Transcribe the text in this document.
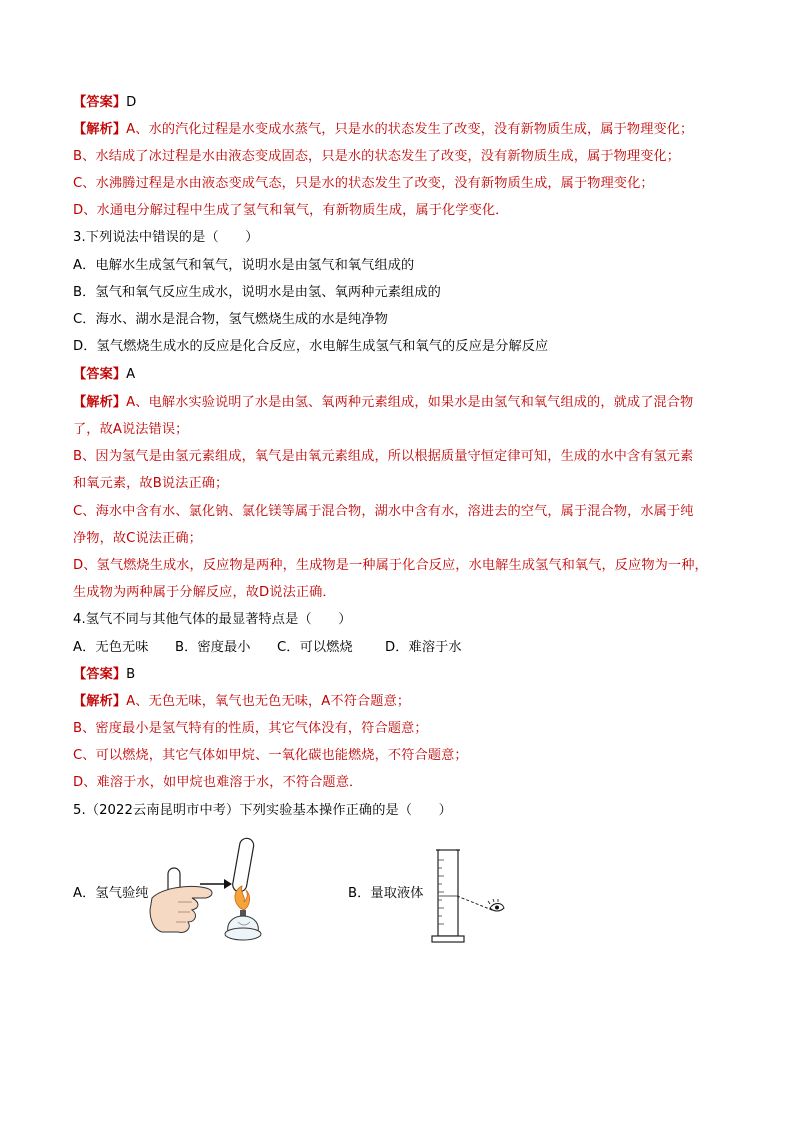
【答案】D
【解析】A、水的汽化过程是水变成水蒸气，只是水的状态发生了改变，没有新物质生成，属于物理变化；
B、水结成了冰过程是水由液态变成固态，只是水的状态发生了改变，没有新物质生成，属于物理变化；
C、水沸腾过程是水由液态变成气态，只是水的状态发生了改变，没有新物质生成，属于物理变化；
D、水通电分解过程中生成了氢气和氧气，有新物质生成，属于化学变化．
3.下列说法中错误的是（　　）
A．电解水生成氢气和氧气，说明水是由氢气和氧气组成的
B．氢气和氧气反应生成水，说明水是由氢、氧两种元素组成的
C．海水、湖水是混合物，氢气燃烧生成的水是纯净物
D．氢气燃烧生成水的反应是化合反应，水电解生成氢气和氧气的反应是分解反应
【答案】A
【解析】A、电解水实验说明了水是由氢、氧两种元素组成，如果水是由氢气和氧气组成的，就成了混合物
了，故A说法错误；
B、因为氢气是由氢元素组成，氧气是由氧元素组成，所以根据质量守恒定律可知，生成的水中含有氢元素
和氧元素，故B说法正确；
C、海水中含有水、氯化钠、氯化镁等属于混合物，湖水中含有水，溶进去的空气，属于混合物，水属于纯
净物，故C说法正确；
D、氢气燃烧生成水，反应物是两种，生成物是一种属于化合反应，水电解生成氢气和氧气，反应物为一种，
生成物为两种属于分解反应，故D说法正确．
4.氢气不同与其他气体的最显著特点是（　　）
A．无色无味 B．密度最小 C．可以燃烧 D．难溶于水
【答案】B
【解析】A、无色无味，氧气也无色无味，A不符合题意；
B、密度最小是氢气特有的性质，其它气体没有，符合题意；
C、可以燃烧，其它气体如甲烷、一氧化碳也能燃烧，不符合题意；
D、难溶于水，如甲烷也难溶于水，不符合题意．
5.（2022云南昆明市中考）下列实验基本操作正确的是（　　）
A．氢气验纯	B．量取液体
